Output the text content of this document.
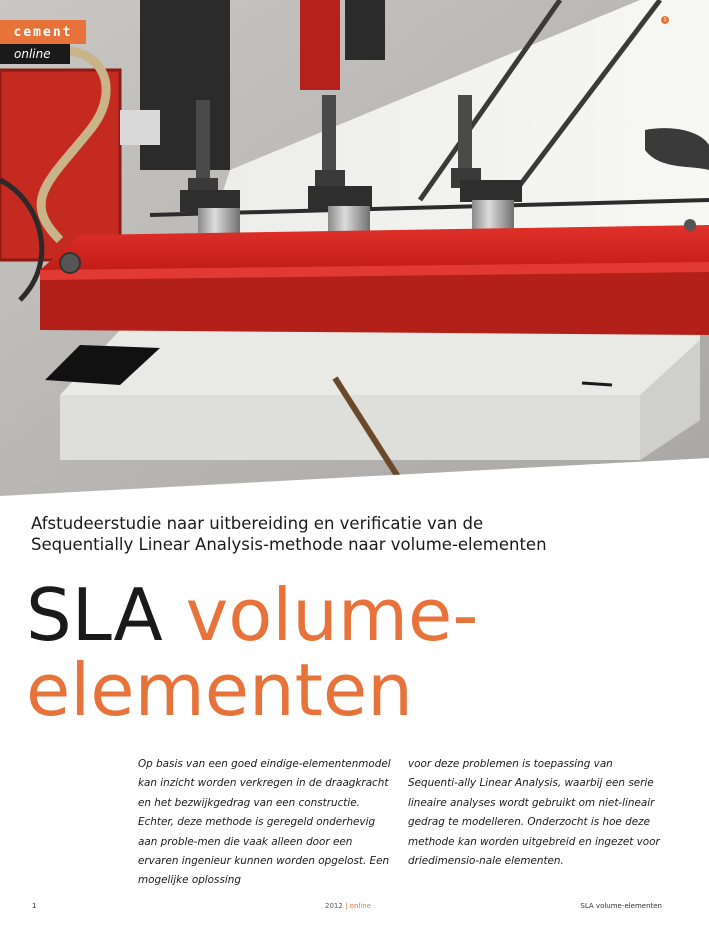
cement
online
1
Afstudeerstudie naar uitbereiding en verificatie van de
Sequentially Linear Analysis-methode naar volume-elementen
SLA volume-
elementen
Op basis van een goed eindige-elementenmodel kan inzicht worden verkregen in de draagkracht en het bezwijkgedrag van een constructie. Echter, deze methode is geregeld onderhevig aan proble-men die vaak alleen door een ervaren ingenieur kunnen worden opgelost. Een mogelijke oplossing
voor deze problemen is toepassing van Sequenti-ally Linear Analysis, waarbij een serie lineaire analyses wordt gebruikt om niet-lineair gedrag te modelleren. Onderzocht is hoe deze methode kan worden uitgebreid en ingezet voor driedimensio-nale elementen.
1	2012 | online	SLA volume-elementen
